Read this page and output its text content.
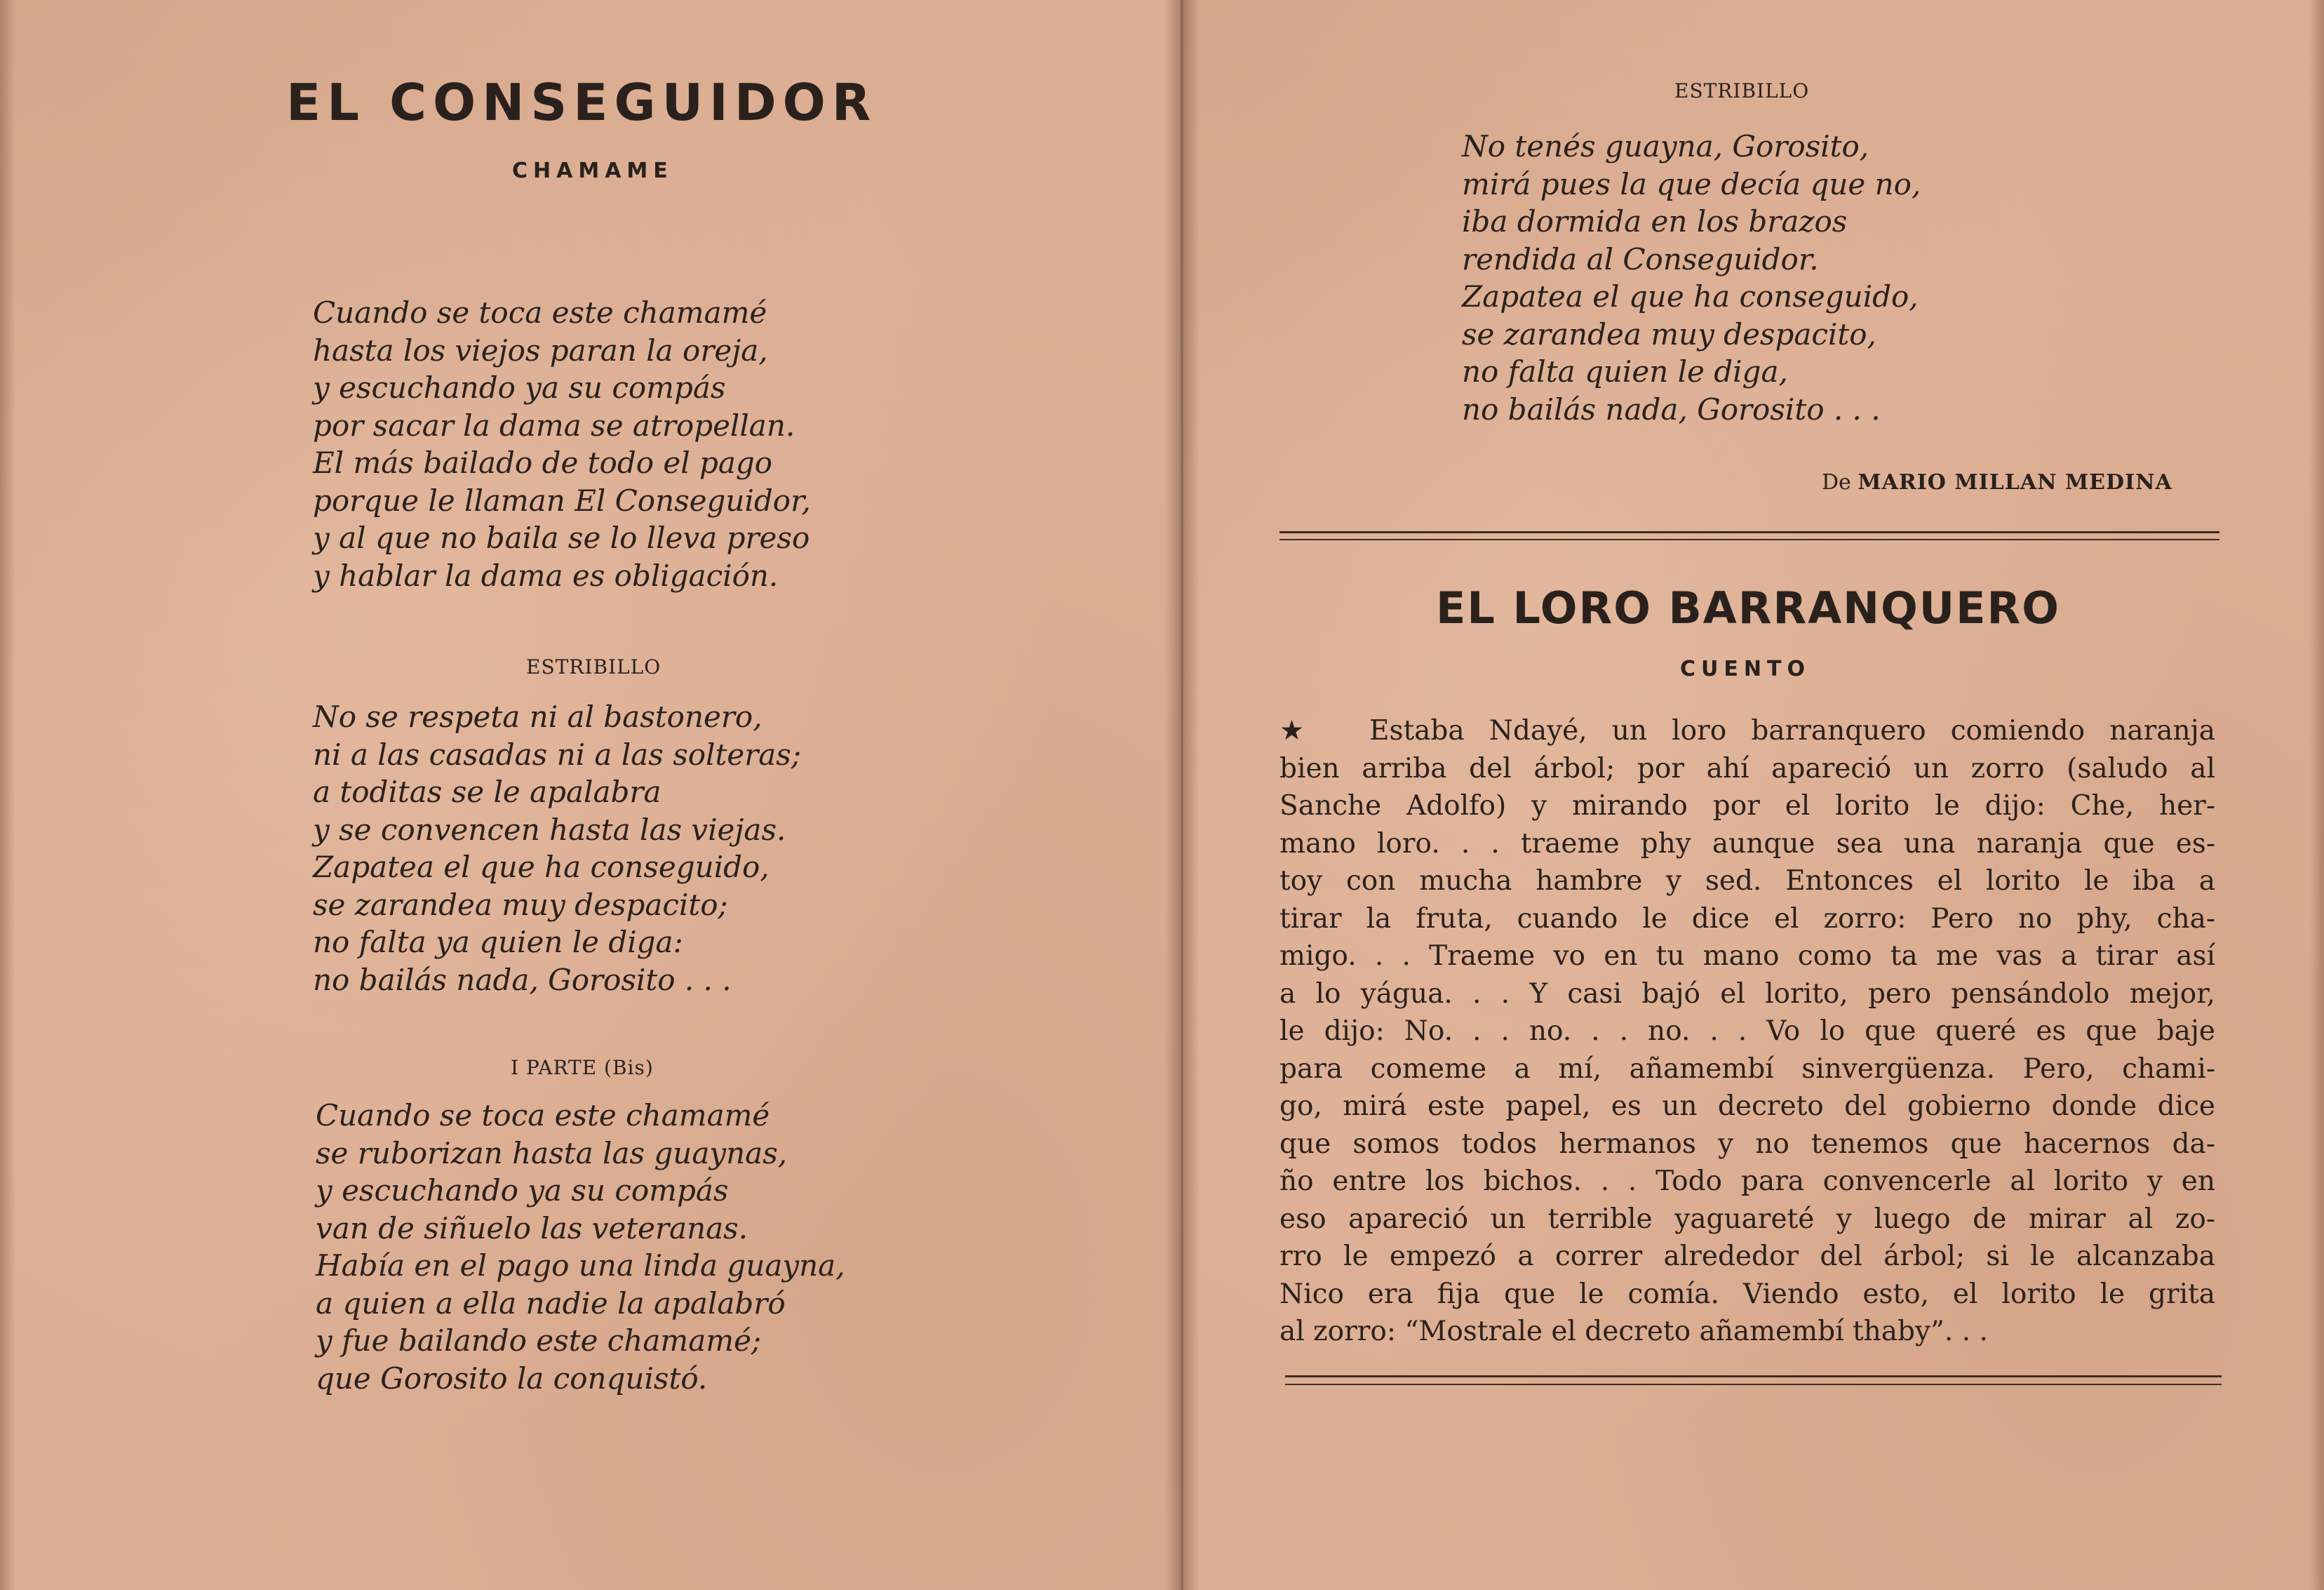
EL CONSEGUIDOR
CHAMAME
Cuando se toca este chamamé
hasta los viejos paran la oreja,
y escuchando ya su compás
por sacar la dama se atropellan.
El más bailado de todo el pago
porque le llaman El Conseguidor,
y al que no baila se lo lleva preso
y hablar la dama es obligación.
ESTRIBILLO
No se respeta ni al bastonero,
ni a las casadas ni a las solteras;
a toditas se le apalabra
y se convencen hasta las viejas.
Zapatea el que ha conseguido,
se zarandea muy despacito;
no falta ya quien le diga:
no bailás nada, Gorosito . . .
I PARTE (Bis)
Cuando se toca este chamamé
se ruborizan hasta las guaynas,
y escuchando ya su compás
van de siñuelo las veteranas.
Había en el pago una linda guayna,
a quien a ella nadie la apalabró
y fue bailando este chamamé;
que Gorosito la conquistó.
ESTRIBILLO
No tenés guayna, Gorosito,
mirá pues la que decía que no,
iba dormida en los brazos
rendida al Conseguidor.
Zapatea el que ha conseguido,
se zarandea muy despacito,
no falta quien le diga,
no bailás nada, Gorosito . . .
De MARIO MILLAN MEDINA
EL LORO BARRANQUERO
CUENTO
★ Estaba Ndayé, un loro barranquero comiendo naranja
bien arriba del árbol; por ahí apareció un zorro (saludo al
Sanche Adolfo) y mirando por el lorito le dijo: Che, her-
mano loro. . . traeme phy aunque sea una naranja que es-
toy con mucha hambre y sed. Entonces el lorito le iba a
tirar la fruta, cuando le dice el zorro: Pero no phy, cha-
migo. . . Traeme vo en tu mano como ta me vas a tirar así
a lo yágua. . . Y casi bajó el lorito, pero pensándolo mejor,
le dijo: No. . . no. . . no. . . Vo lo que queré es que baje
para comeme a mí, añamembí sinvergüenza. Pero, chami-
go, mirá este papel, es un decreto del gobierno donde dice
que somos todos hermanos y no tenemos que hacernos da-
ño entre los bichos. . . Todo para convencerle al lorito y en
eso apareció un terrible yaguareté y luego de mirar al zo-
rro le empezó a correr alrededor del árbol; si le alcanzaba
Nico era fija que le comía. Viendo esto, el lorito le grita
al zorro: “Mostrale el decreto añamembí thaby”. . .
